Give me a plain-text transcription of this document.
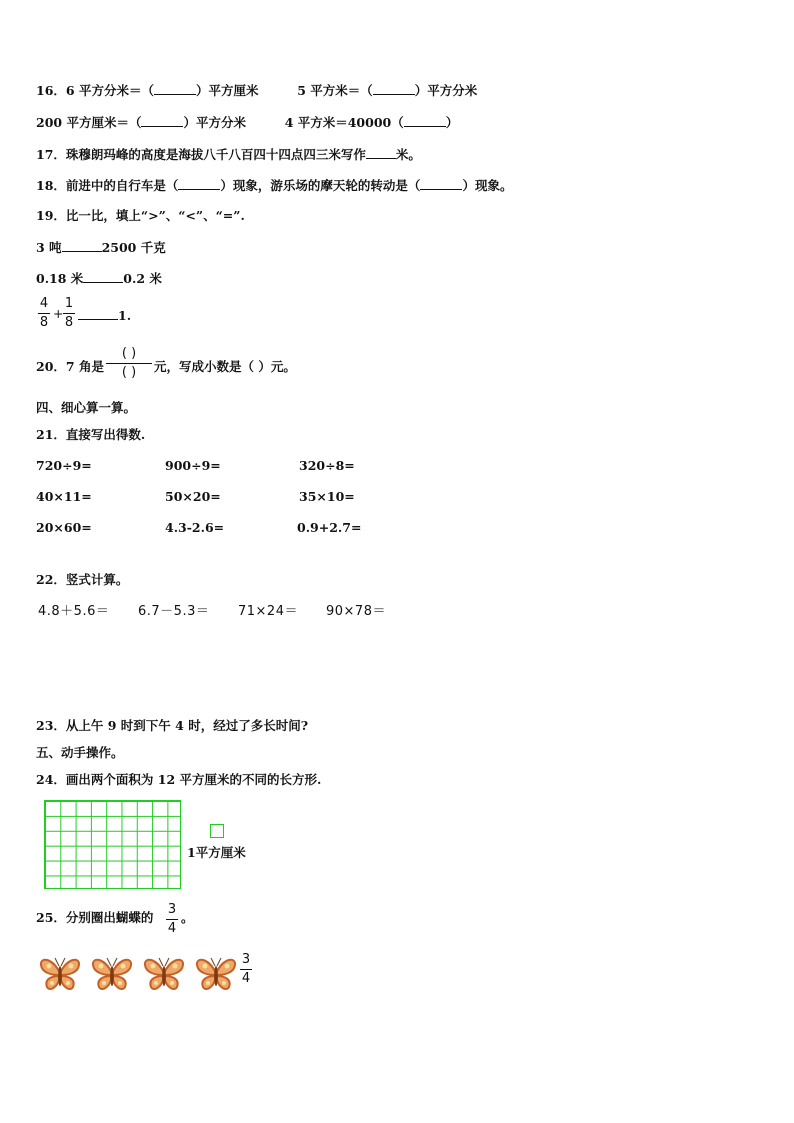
16．6 平方分米＝（	）平方厘米	5 平方米＝（	）平方分米
200 平方厘米＝（	）平方分米	4 平方米＝40000（	）
17．珠穆朗玛峰的高度是海拔八千八百四十四点四三米写作 米。
18．前进中的自行车是（	）现象，游乐场的摩天轮的转动是（	）现象。
19．比一比，填上“>”、“<”、“=”.
3 吨	2500 千克
0.18 米	0.2 米
4
8
+
1
8	1.
20．7 角是
( )
( )	元，写成小数是（ ）元。
四、细心算一算。
21．直接写出得数.
720÷9=	900÷9=	320÷8=
40×11=	50×20=	35×10=
20×60=	4.3-2.6=	0.9+2.7=
22．竖式计算。
4.8＋5.6＝ 6.7－5.3＝ 71×24＝ 90×78＝
23．从上午 9 时到下午 4 时，经过了多长时间?
五、动手操作。
24．画出两个面积为 12 平方厘米的不同的长方形.
1平方厘米
25．分别圈出蝴蝶的
3
4
。
3
4
